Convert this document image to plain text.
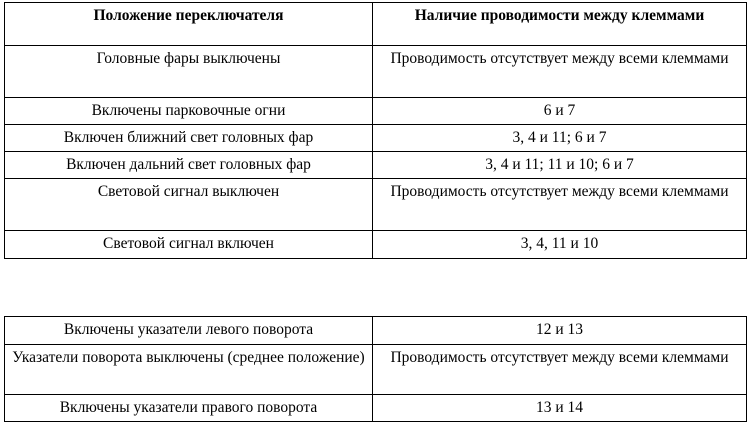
Положение переключателя	Наличие проводимости между клеммами
Головные фары выключены	Проводимость отсутствует между всеми клеммами
Включены парковочные огни	6 и 7
Включен ближний свет головных фар	3, 4 и 11; 6 и 7
Включен дальний свет головных фар	3, 4 и 11; 11 и 10; 6 и 7
Световой сигнал выключен	Проводимость отсутствует между всеми клеммами
Световой сигнал включен	3, 4, 11 и 10
Включены указатели левого поворота	12 и 13
Указатели поворота выключены (среднее положение)	Проводимость отсутствует между всеми клеммами
Включены указатели правого поворота	13 и 14
